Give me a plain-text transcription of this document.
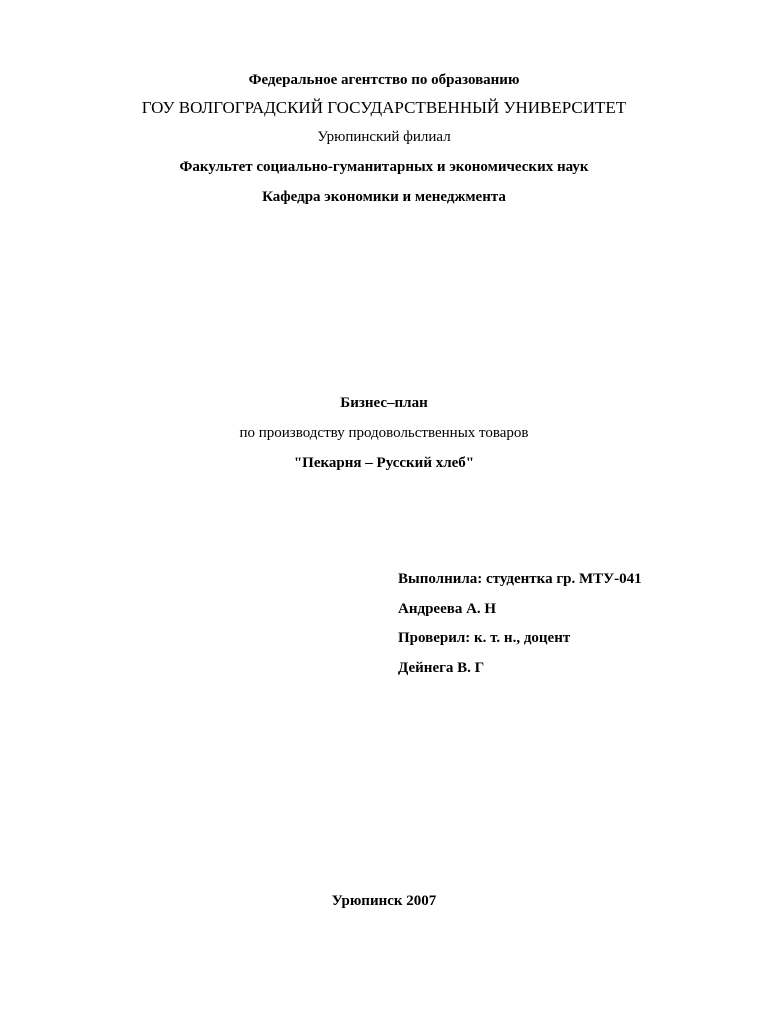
Федеральное агентство по образованию
ГОУ ВОЛГОГРАДСКИЙ ГОСУДАРСТВЕННЫЙ УНИВЕРСИТЕТ
Урюпинский филиал
Факультет социально-гуманитарных и экономических наук
Кафедра экономики и менеджмента
Бизнес–план
по производству продовольственных товаров
"Пекарня – Русский хлеб"
Выполнила: студентка гр. МТУ-041
Андреева А. Н
Проверил: к. т. н., доцент
Дейнега В. Г
Урюпинск 2007
